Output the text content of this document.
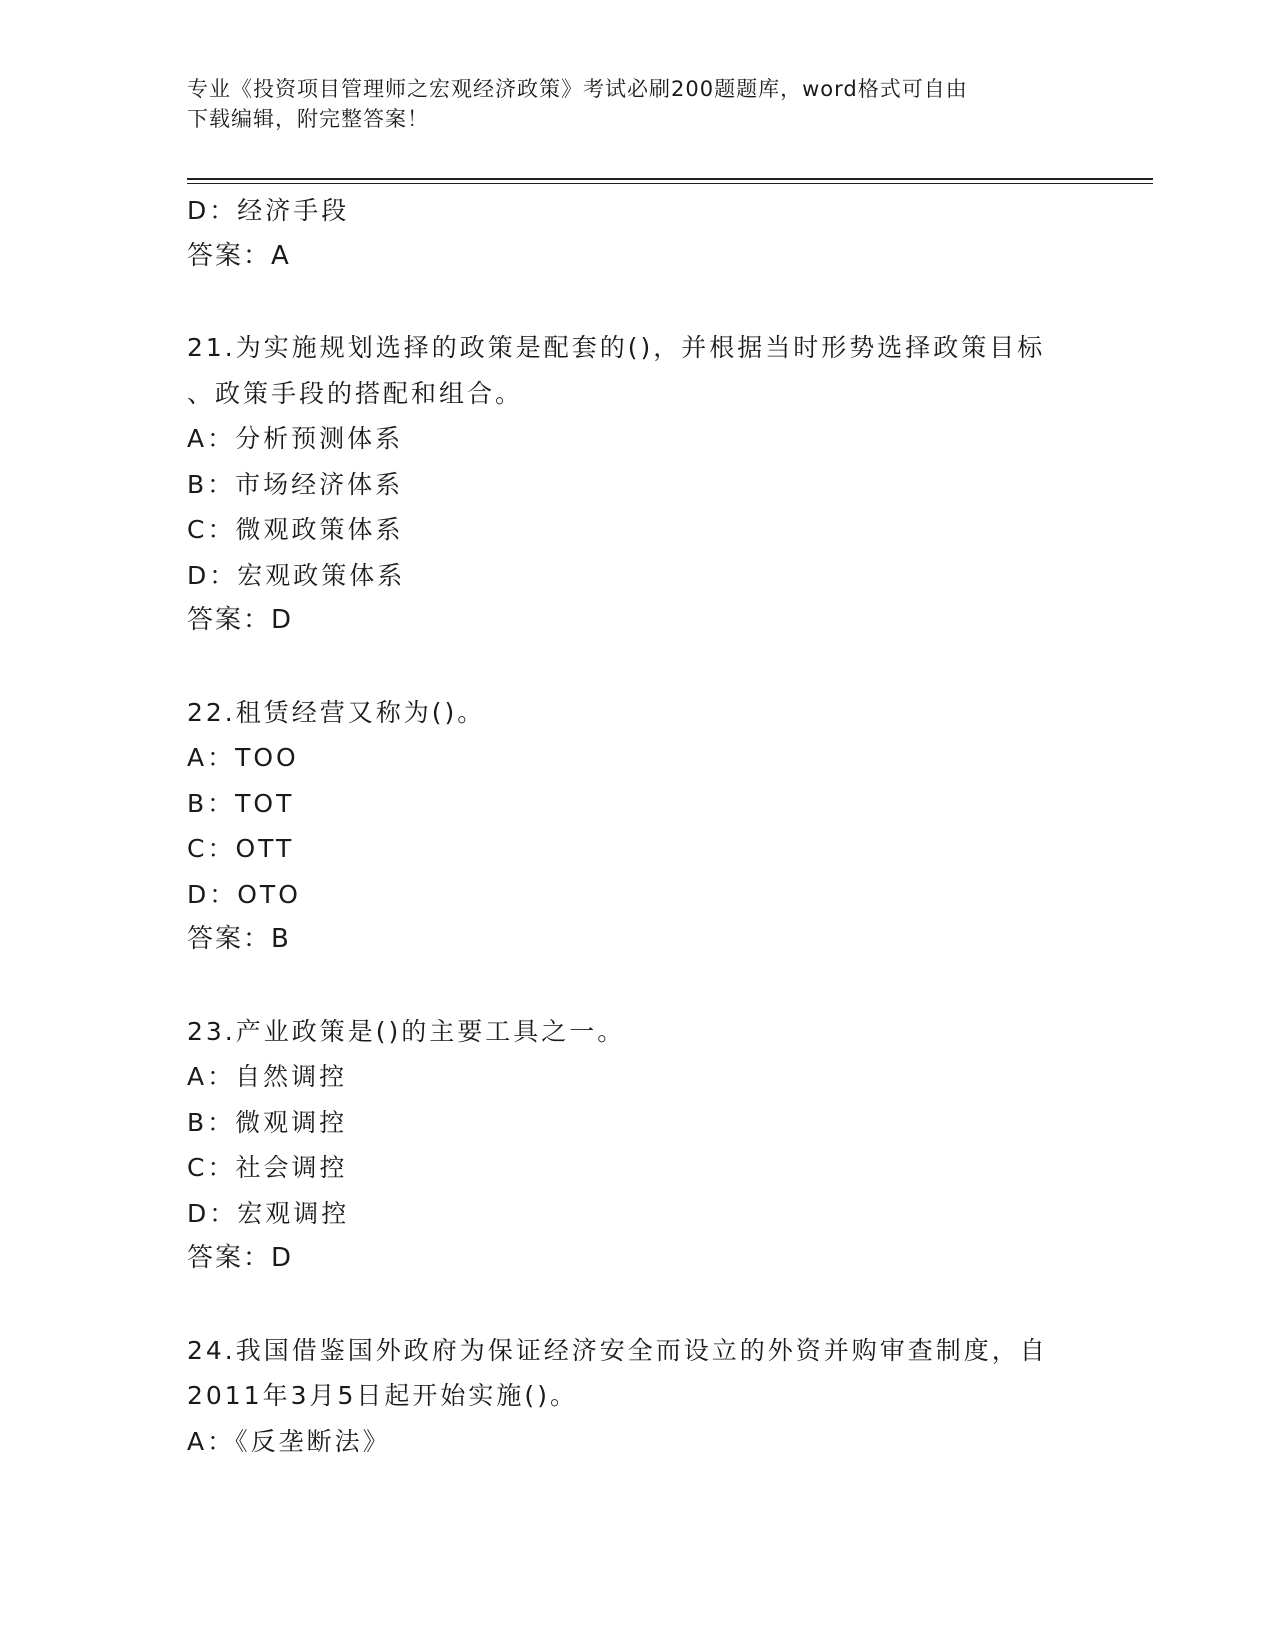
专业《投资项目管理师之宏观经济政策》考试必刷200题题库，word格式可自由
下载编辑，附完整答案！
D：经济手段
答案：A
21.为实施规划选择的政策是配套的()，并根据当时形势选择政策目标
、政策手段的搭配和组合。
A：分析预测体系
B：市场经济体系
C：微观政策体系
D：宏观政策体系
答案：D
22.租赁经营又称为()。
A：TOO
B：TOT
C：OTT
D：OTO
答案：B
23.产业政策是()的主要工具之一。
A：自然调控
B：微观调控
C：社会调控
D：宏观调控
答案：D
24.我国借鉴国外政府为保证经济安全而设立的外资并购审查制度，自
2011年3月5日起开始实施()。
A：《反垄断法》
